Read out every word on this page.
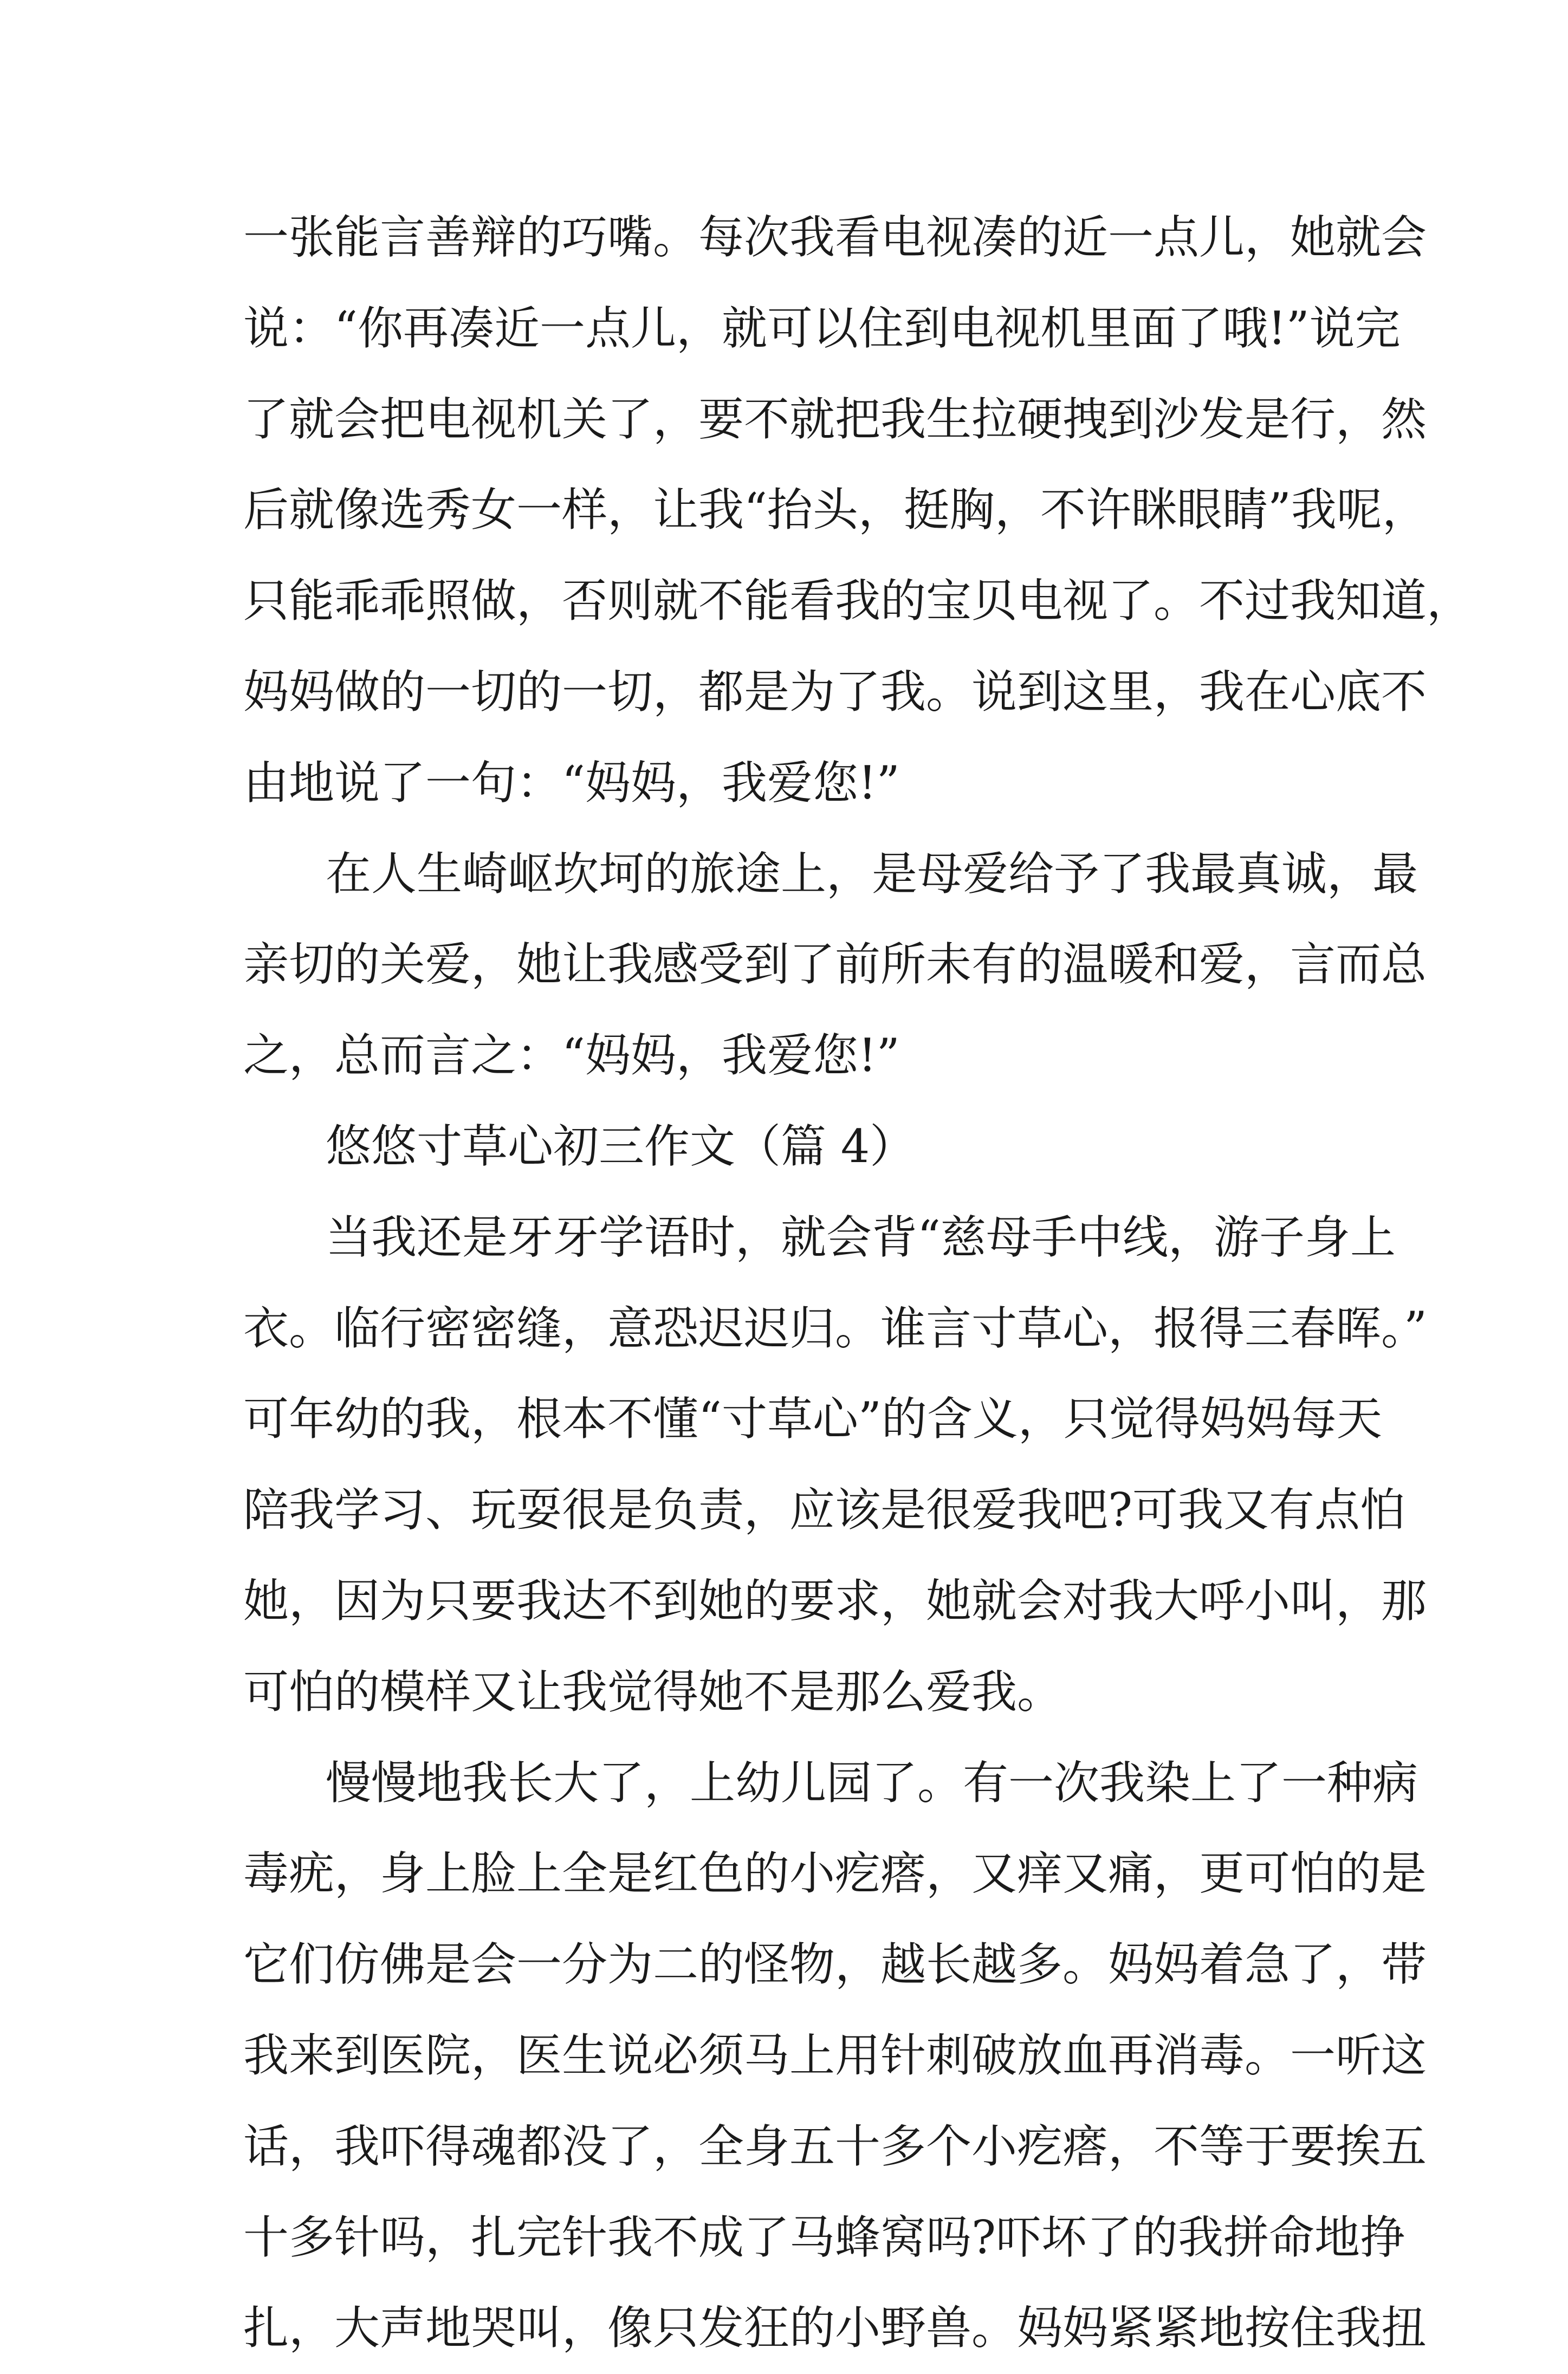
一张能言善辩的巧嘴。每次我看电视凑的近一点儿，她就会
说：“你再凑近一点儿，就可以住到电视机里面了哦!”说完
了就会把电视机关了，要不就把我生拉硬拽到沙发是行，然
后就像选秀女一样，让我“抬头，挺胸，不许眯眼睛”我呢，
只能乖乖照做，否则就不能看我的宝贝电视了。不过我知道，
妈妈做的一切的一切，都是为了我。说到这里，我在心底不
由地说了一句：“妈妈，我爱您!”
在人生崎岖坎坷的旅途上，是母爱给予了我最真诚，最
亲切的关爱，她让我感受到了前所未有的温暖和爱，言而总
之，总而言之：“妈妈，我爱您!”
悠悠寸草心初三作文（篇 4）
当我还是牙牙学语时，就会背“慈母手中线，游子身上
衣。临行密密缝，意恐迟迟归。谁言寸草心，报得三春晖。”
可年幼的我，根本不懂“寸草心”的含义，只觉得妈妈每天
陪我学习、玩耍很是负责，应该是很爱我吧?可我又有点怕
她，因为只要我达不到她的要求，她就会对我大呼小叫，那
可怕的模样又让我觉得她不是那么爱我。
慢慢地我长大了，上幼儿园了。有一次我染上了一种病
毒疣，身上脸上全是红色的小疙瘩，又痒又痛，更可怕的是
它们仿佛是会一分为二的怪物，越长越多。妈妈着急了，带
我来到医院，医生说必须马上用针刺破放血再消毒。一听这
话，我吓得魂都没了，全身五十多个小疙瘩，不等于要挨五
十多针吗，扎完针我不成了马蜂窝吗?吓坏了的我拼命地挣
扎，大声地哭叫，像只发狂的小野兽。妈妈紧紧地按住我扭
